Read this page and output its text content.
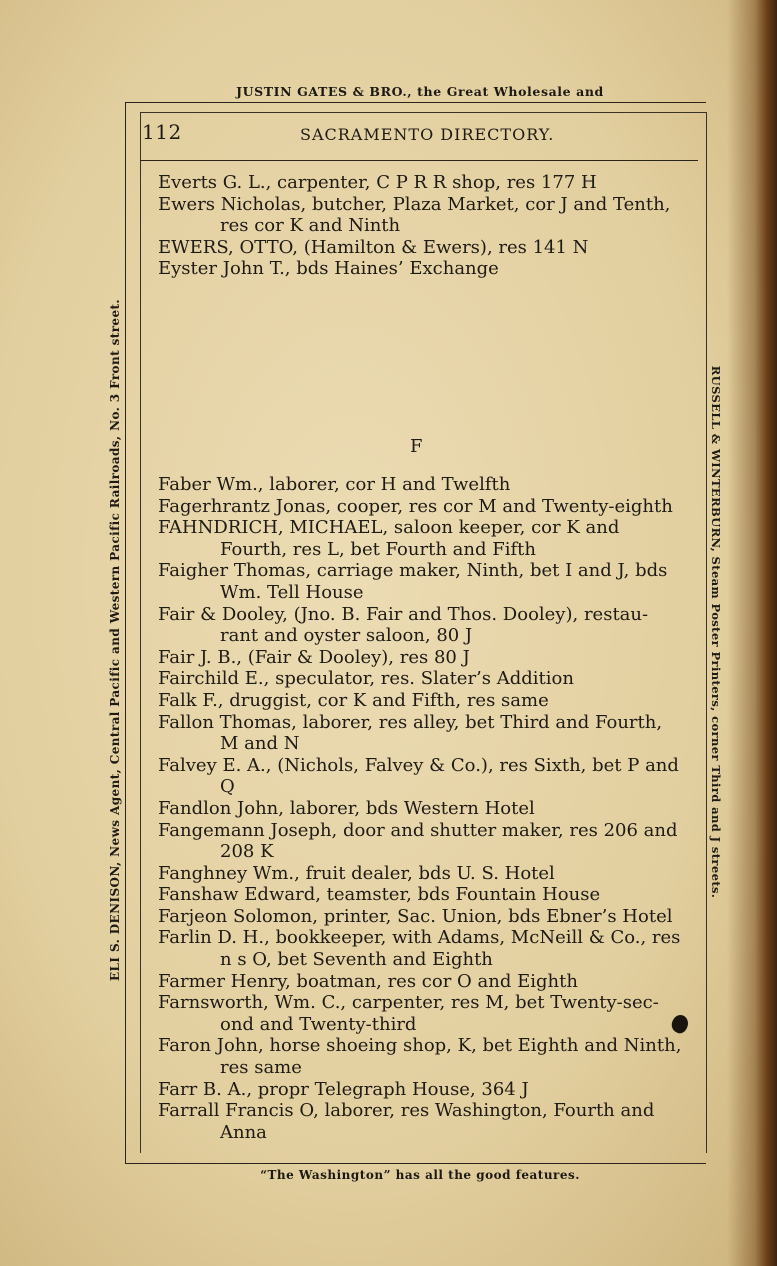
JUSTIN GATES & BRO., the Great Wholesale and
112	SACRAMENTO DIRECTORY.
ELI S. DENISON, News Agent, Central Pacific and Western Pacific Railroads, No. 3 Front street.	RUSSELL & WINTERBURN, Steam Poster Printers, corner Third and J streets.
Everts G. L., carpenter, C P R R shop, res 177 H
Ewers Nicholas, butcher, Plaza Market, cor J and Tenth, res cor K and Ninth
EWERS, OTTO, (Hamilton & Ewers), res 141 N
Eyster John T., bds Haines’ Exchange
F
Faber Wm., laborer, cor H and Twelfth
Fagerhrantz Jonas, cooper, res cor M and Twenty-eighth
FAHNDRICH, MICHAEL, saloon keeper, cor K and Fourth, res L, bet Fourth and Fifth
Faigher Thomas, carriage maker, Ninth, bet I and J, bds Wm. Tell House
Fair & Dooley, (Jno. B. Fair and Thos. Dooley), restau-rant and oyster saloon, 80 J
Fair J. B., (Fair & Dooley), res 80 J
Fairchild E., speculator, res. Slater’s Addition
Falk F., druggist, cor K and Fifth, res same
Fallon Thomas, laborer, res alley, bet Third and Fourth, M and N
Falvey E. A., (Nichols, Falvey & Co.), res Sixth, bet P and Q
Fandlon John, laborer, bds Western Hotel
Fangemann Joseph, door and shutter maker, res 206 and 208 K
Fanghney Wm., fruit dealer, bds U. S. Hotel
Fanshaw Edward, teamster, bds Fountain House
Farjeon Solomon, printer, Sac. Union, bds Ebner’s Hotel
Farlin D. H., bookkeeper, with Adams, McNeill & Co., res n s O, bet Seventh and Eighth
Farmer Henry, boatman, res cor O and Eighth
Farnsworth, Wm. C., carpenter, res M, bet Twenty-sec-ond and Twenty-third
Faron John, horse shoeing shop, K, bet Eighth and Ninth, res same
Farr B. A., propr Telegraph House, 364 J
Farrall Francis O, laborer, res Washington, Fourth and Anna
“The Washington” has all the good features.
